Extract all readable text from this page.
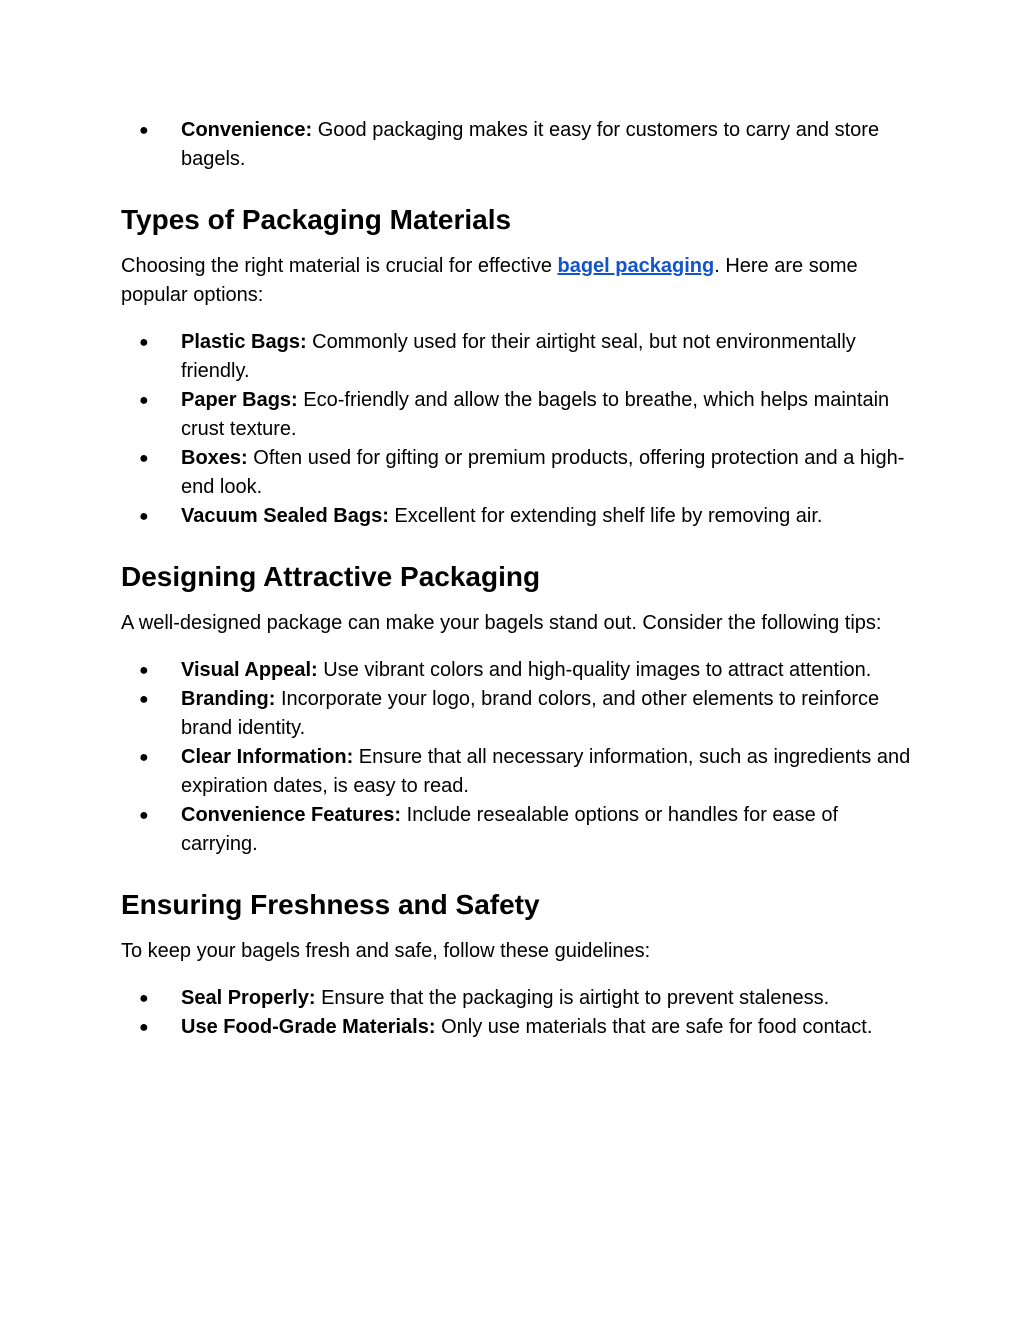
● Convenience: Good packaging makes it easy for customers to carry and store bagels.
Types of Packaging Materials

Choosing the right material is crucial for effective bagel packaging. Here are some popular options:

● Plastic Bags: Commonly used for their airtight seal, but not environmentally friendly.
● Paper Bags: Eco-friendly and allow the bagels to breathe, which helps maintain crust texture.
● Boxes: Often used for gifting or premium products, offering protection and a high-end look.
● Vacuum Sealed Bags: Excellent for extending shelf life by removing air.
Designing Attractive Packaging

A well-designed package can make your bagels stand out. Consider the following tips:

● Visual Appeal: Use vibrant colors and high-quality images to attract attention.
● Branding: Incorporate your logo, brand colors, and other elements to reinforce brand identity.
● Clear Information: Ensure that all necessary information, such as ingredients and expiration dates, is easy to read.
● Convenience Features: Include resealable options or handles for ease of carrying.
Ensuring Freshness and Safety

To keep your bagels fresh and safe, follow these guidelines:

● Seal Properly: Ensure that the packaging is airtight to prevent staleness.
● Use Food-Grade Materials: Only use materials that are safe for food contact.
